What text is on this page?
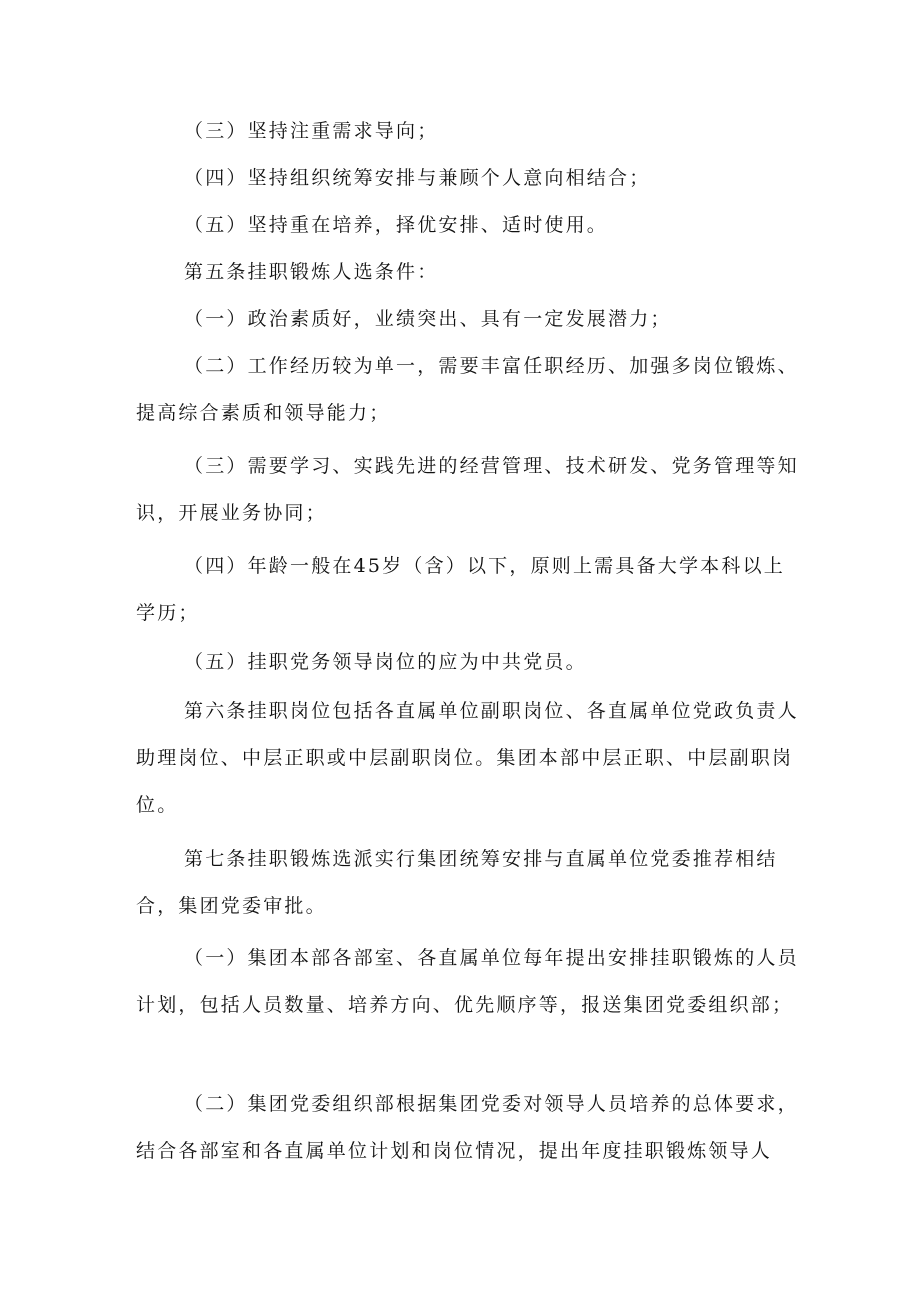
（三）坚持注重需求导向；

（四）坚持组织统筹安排与兼顾个人意向相结合；

（五）坚持重在培养，择优安排、适时使用。

第五条挂职锻炼人选条件：

（一）政治素质好，业绩突出、具有一定发展潜力；

（二）工作经历较为单一，需要丰富任职经历、加强多岗位锻炼、提高综合素质和领导能力；

（三）需要学习、实践先进的经营管理、技术研发、党务管理等知识，开展业务协同；

（四）年龄一般在45岁（含）以下，原则上需具备大学本科以上学历；

（五）挂职党务领导岗位的应为中共党员。

第六条挂职岗位包括各直属单位副职岗位、各直属单位党政负责人助理岗位、中层正职或中层副职岗位。集团本部中层正职、中层副职岗位。

第七条挂职锻炼选派实行集团统筹安排与直属单位党委推荐相结合，集团党委审批。

（一）集团本部各部室、各直属单位每年提出安排挂职锻炼的人员计划，包括人员数量、培养方向、优先顺序等，报送集团党委组织部；

（二）集团党委组织部根据集团党委对领导人员培养的总体要求，结合各部室和各直属单位计划和岗位情况，提出年度挂职锻炼领导人
